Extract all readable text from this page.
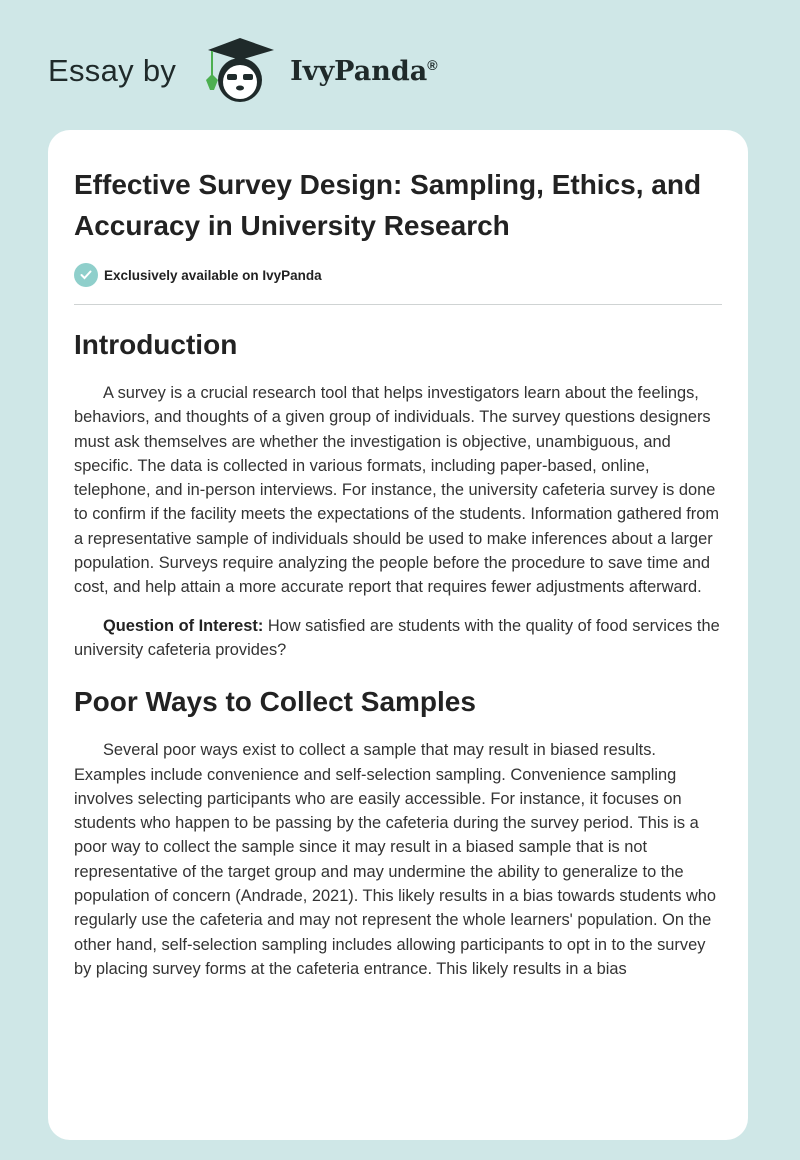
Essay by	IvyPanda®
Effective Survey Design: Sampling, Ethics, and Accuracy in University Research
Exclusively available on IvyPanda
Introduction

A survey is a crucial research tool that helps investigators learn about the feelings, behaviors, and thoughts of a given group of individuals. The survey questions designers must ask themselves are whether the investigation is objective, unambiguous, and specific. The data is collected in various formats, including paper-based, online, telephone, and in-person interviews. For instance, the university cafeteria survey is done to confirm if the facility meets the expectations of the students. Information gathered from a representative sample of individuals should be used to make inferences about a larger population. Surveys require analyzing the people before the procedure to save time and cost, and help attain a more accurate report that requires fewer adjustments afterward.

Question of Interest: How satisfied are students with the quality of food services the university cafeteria provides?

Poor Ways to Collect Samples

Several poor ways exist to collect a sample that may result in biased results. Examples include convenience and self-selection sampling. Convenience sampling involves selecting participants who are easily accessible. For instance, it focuses on students who happen to be passing by the cafeteria during the survey period. This is a poor way to collect the sample since it may result in a biased sample that is not representative of the target group and may undermine the ability to generalize to the population of concern (Andrade, 2021). This likely results in a bias towards students who regularly use the cafeteria and may not represent the whole learners' population. On the other hand, self-selection sampling includes allowing participants to opt in to the survey by placing survey forms at the cafeteria entrance. This likely results in a bias
